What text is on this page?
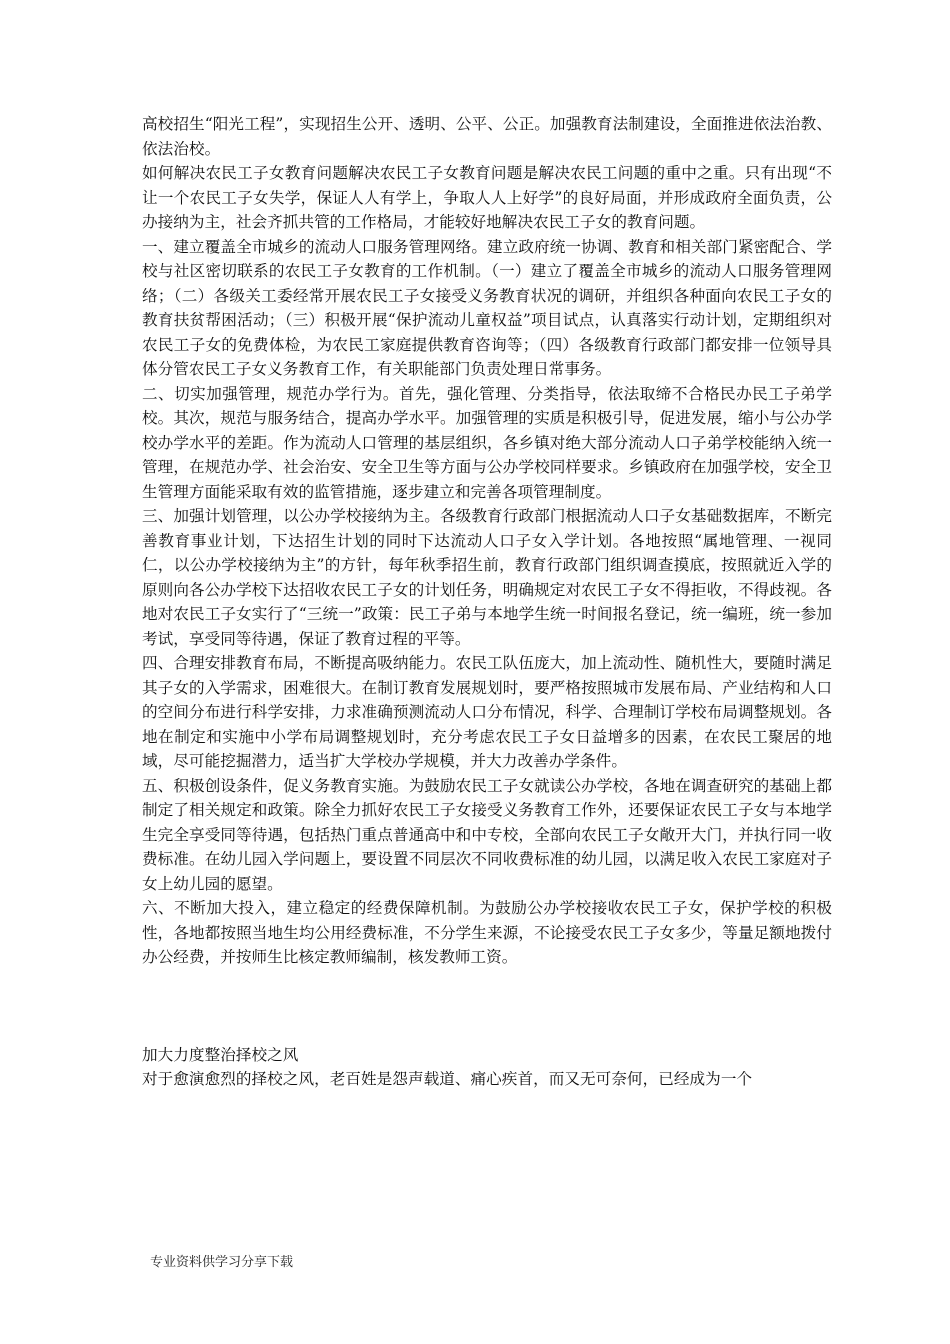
高校招生“阳光工程”，实现招生公开、透明、公平、公正。加强教育法制建设，全面推进依法治教、依法治校。

如何解决农民工子女教育问题解决农民工子女教育问题是解决农民工问题的重中之重。只有出现“不让一个农民工子女失学，保证人人有学上，争取人人上好学”的良好局面，并形成政府全面负责，公办接纳为主，社会齐抓共管的工作格局，才能较好地解决农民工子女的教育问题。

一、建立覆盖全市城乡的流动人口服务管理网络。建立政府统一协调、教育和相关部门紧密配合、学校与社区密切联系的农民工子女教育的工作机制。（一）建立了覆盖全市城乡的流动人口服务管理网络；（二）各级关工委经常开展农民工子女接受义务教育状况的调研，并组织各种面向农民工子女的教育扶贫帮困活动；（三）积极开展“保护流动儿童权益”项目试点，认真落实行动计划，定期组织对农民工子女的免费体检，为农民工家庭提供教育咨询等；（四）各级教育行政部门都安排一位领导具体分管农民工子女义务教育工作，有关职能部门负责处理日常事务。

二、切实加强管理，规范办学行为。首先，强化管理、分类指导，依法取缔不合格民办民工子弟学校。其次，规范与服务结合，提高办学水平。加强管理的实质是积极引导，促进发展，缩小与公办学校办学水平的差距。作为流动人口管理的基层组织，各乡镇对绝大部分流动人口子弟学校能纳入统一管理，在规范办学、社会治安、安全卫生等方面与公办学校同样要求。乡镇政府在加强学校，安全卫生管理方面能采取有效的监管措施，逐步建立和完善各项管理制度。

三、加强计划管理，以公办学校接纳为主。各级教育行政部门根据流动人口子女基础数据库，不断完善教育事业计划，下达招生计划的同时下达流动人口子女入学计划。各地按照“属地管理、一视同仁，以公办学校接纳为主”的方针，每年秋季招生前，教育行政部门组织调查摸底，按照就近入学的原则向各公办学校下达招收农民工子女的计划任务，明确规定对农民工子女不得拒收，不得歧视。各地对农民工子女实行了“三统一”政策：民工子弟与本地学生统一时间报名登记，统一编班，统一参加考试，享受同等待遇，保证了教育过程的平等。

四、合理安排教育布局，不断提高吸纳能力。农民工队伍庞大，加上流动性、随机性大，要随时满足其子女的入学需求，困难很大。在制订教育发展规划时，要严格按照城市发展布局、产业结构和人口的空间分布进行科学安排，力求准确预测流动人口分布情况，科学、合理制订学校布局调整规划。各地在制定和实施中小学布局调整规划时，充分考虑农民工子女日益增多的因素，在农民工聚居的地域，尽可能挖掘潜力，适当扩大学校办学规模，并大力改善办学条件。

五、积极创设条件，促义务教育实施。为鼓励农民工子女就读公办学校，各地在调查研究的基础上都制定了相关规定和政策。除全力抓好农民工子女接受义务教育工作外，还要保证农民工子女与本地学生完全享受同等待遇，包括热门重点普通高中和中专校，全部向农民工子女敞开大门，并执行同一收费标准。在幼儿园入学问题上，要设置不同层次不同收费标准的幼儿园，以满足收入农民工家庭对子女上幼儿园的愿望。

六、不断加大投入，建立稳定的经费保障机制。为鼓励公办学校接收农民工子女，保护学校的积极性，各地都按照当地生均公用经费标准，不分学生来源，不论接受农民工子女多少，等量足额地拨付办公经费，并按师生比核定教师编制，核发教师工资。

加大力度整治择校之风

对于愈演愈烈的择校之风，老百姓是怨声载道、痛心疾首，而又无可奈何，已经成为一个

专业资料供学习分享下载
